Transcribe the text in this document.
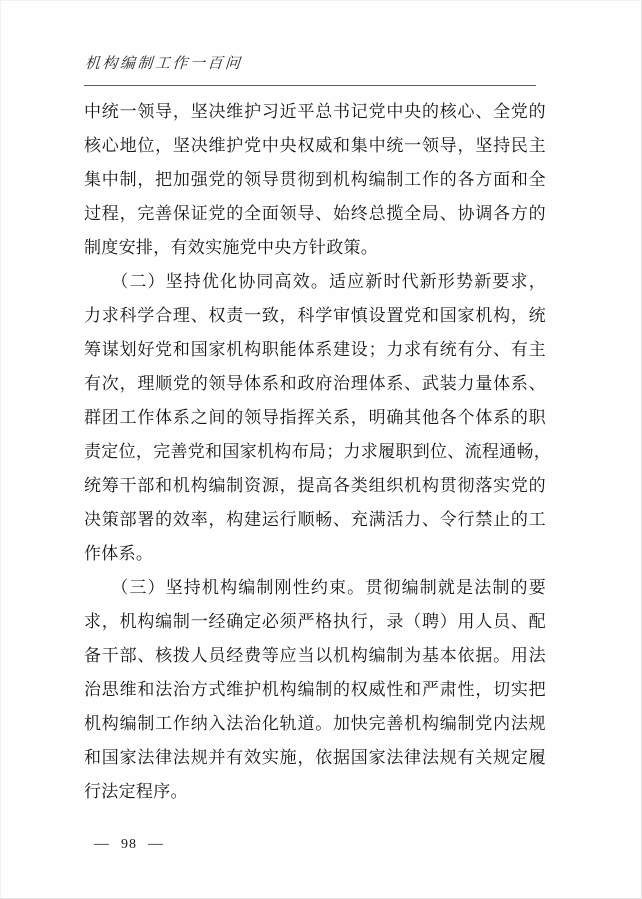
机构编制工作一百问
中统一领导，坚决维护习近平总书记党中央的核心、全党的
核心地位，坚决维护党中央权威和集中统一领导，坚持民主
集中制，把加强党的领导贯彻到机构编制工作的各方面和全
过程，完善保证党的全面领导、始终总揽全局、协调各方的
制度安排，有效实施党中央方针政策。
（二）坚持优化协同高效。适应新时代新形势新要求，
力求科学合理、权责一致，科学审慎设置党和国家机构，统
筹谋划好党和国家机构职能体系建设；力求有统有分、有主
有次，理顺党的领导体系和政府治理体系、武装力量体系、
群团工作体系之间的领导指挥关系，明确其他各个体系的职
责定位，完善党和国家机构布局；力求履职到位、流程通畅，
统筹干部和机构编制资源，提高各类组织机构贯彻落实党的
决策部署的效率，构建运行顺畅、充满活力、令行禁止的工
作体系。
（三）坚持机构编制刚性约束。贯彻编制就是法制的要
求，机构编制一经确定必须严格执行，录（聘）用人员、配
备干部、核拨人员经费等应当以机构编制为基本依据。用法
治思维和法治方式维护机构编制的权威性和严肃性，切实把
机构编制工作纳入法治化轨道。加快完善机构编制党内法规
和国家法律法规并有效实施，依据国家法律法规有关规定履
行法定程序。
— 98 —
